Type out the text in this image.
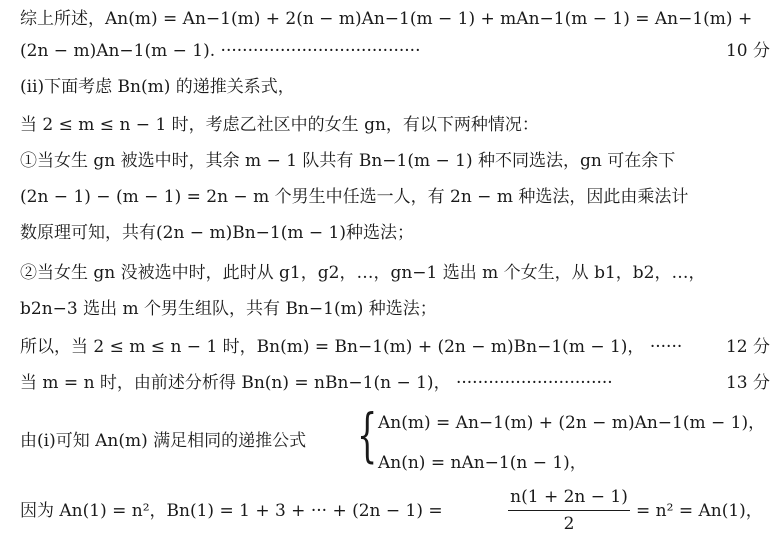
综上所述，An(m) = An−1(m) + 2(n − m)An−1(m − 1) + mAn−1(m − 1) = An−1(m) +
(2n − m)An−1(m − 1). ·····································	10 分
(ⅱ)下面考虑 Bn(m) 的递推关系式，
当 2 ≤ m ≤ n − 1 时，考虑乙社区中的女生 gn，有以下两种情况：
①当女生 gn 被选中时，其余 m − 1 队共有 Bn−1(m − 1) 种不同选法，gn 可在余下
(2n − 1) − (m − 1) = 2n − m 个男生中任选一人，有 2n − m 种选法，因此由乘法计
数原理可知，共有(2n − m)Bn−1(m − 1)种选法；
②当女生 gn 没被选中时，此时从 g1，g2，…，gn−1 选出 m 个女生，从 b1，b2，…，
b2n−3 选出 m 个男生组队，共有 Bn−1(m) 种选法；
所以，当 2 ≤ m ≤ n − 1 时，Bn(m) = Bn−1(m) + (2n − m)Bn−1(m − 1)， ······	12 分
当 m = n 时，由前述分析得 Bn(n) = nBn−1(n − 1)， ·····························	13 分
由(ⅰ)可知 An(m) 满足相同的递推公式 { An(m) = An−1(m) + (2n − m)An−1(m − 1)，
An(n) = nAn−1(n − 1)，
因为 An(1) = n²，Bn(1) = 1 + 3 + ··· + (2n − 1) =
n(1 + 2n − 1)
2
= n² = An(1)，
